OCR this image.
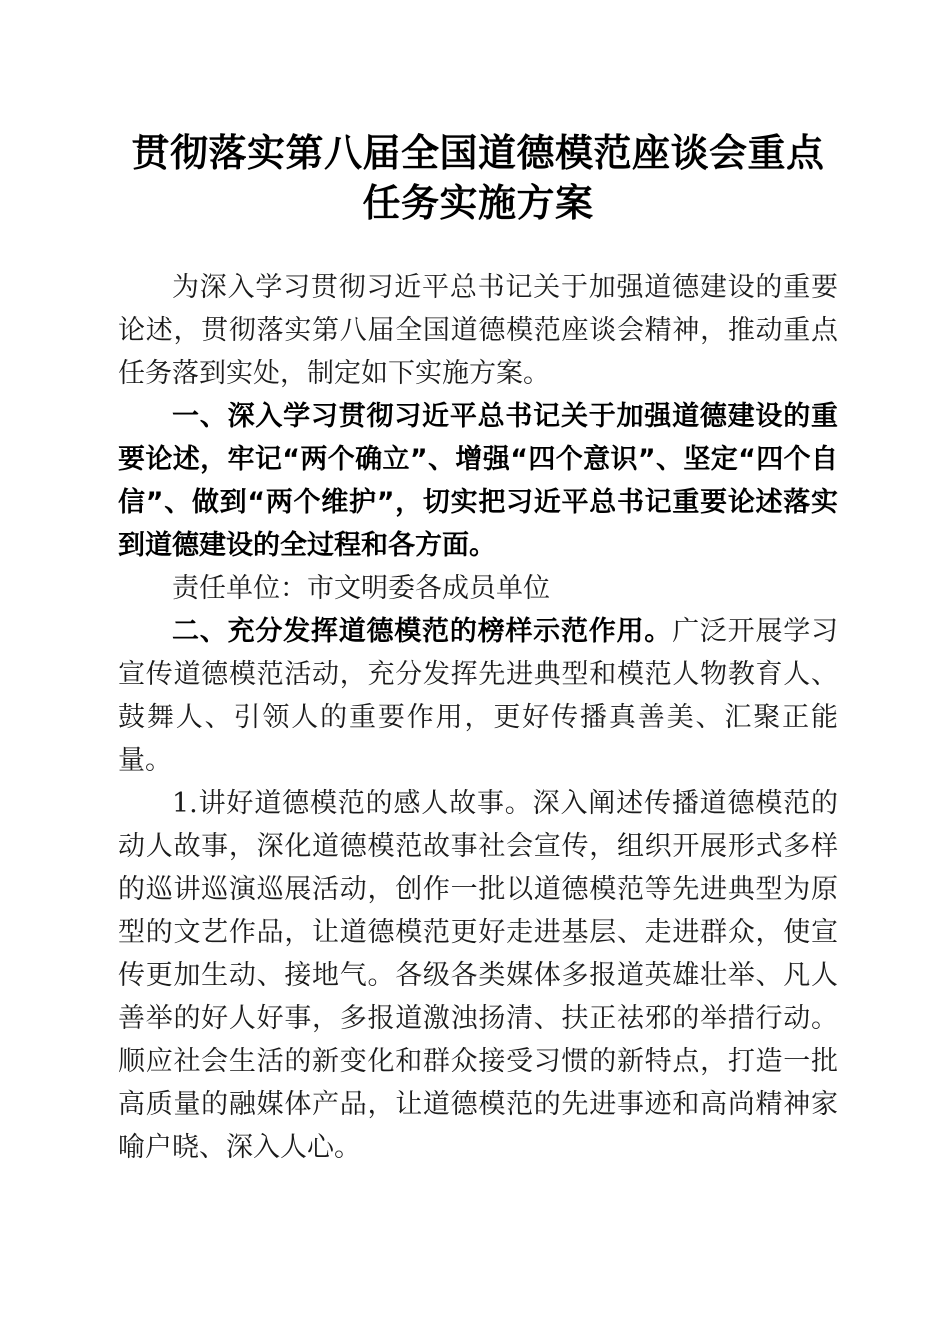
贯彻落实第八届全国道德模范座谈会重点任务实施方案

为深入学习贯彻习近平总书记关于加强道德建设的重要论述，贯彻落实第八届全国道德模范座谈会精神，推动重点任务落到实处，制定如下实施方案。

一、深入学习贯彻习近平总书记关于加强道德建设的重要论述，牢记“两个确立”、增强“四个意识”、坚定“四个自信”、做到“两个维护”，切实把习近平总书记重要论述落实到道德建设的全过程和各方面。

责任单位：市文明委各成员单位

二、充分发挥道德模范的榜样示范作用。广泛开展学习宣传道德模范活动，充分发挥先进典型和模范人物教育人、鼓舞人、引领人的重要作用，更好传播真善美、汇聚正能量。

1.讲好道德模范的感人故事。深入阐述传播道德模范的动人故事，深化道德模范故事社会宣传，组织开展形式多样的巡讲巡演巡展活动，创作一批以道德模范等先进典型为原型的文艺作品，让道德模范更好走进基层、走进群众，使宣传更加生动、接地气。各级各类媒体多报道英雄壮举、凡人善举的好人好事，多报道激浊扬清、扶正祛邪的举措行动。顺应社会生活的新变化和群众接受习惯的新特点，打造一批高质量的融媒体产品，让道德模范的先进事迹和高尚精神家喻户晓、深入人心。
